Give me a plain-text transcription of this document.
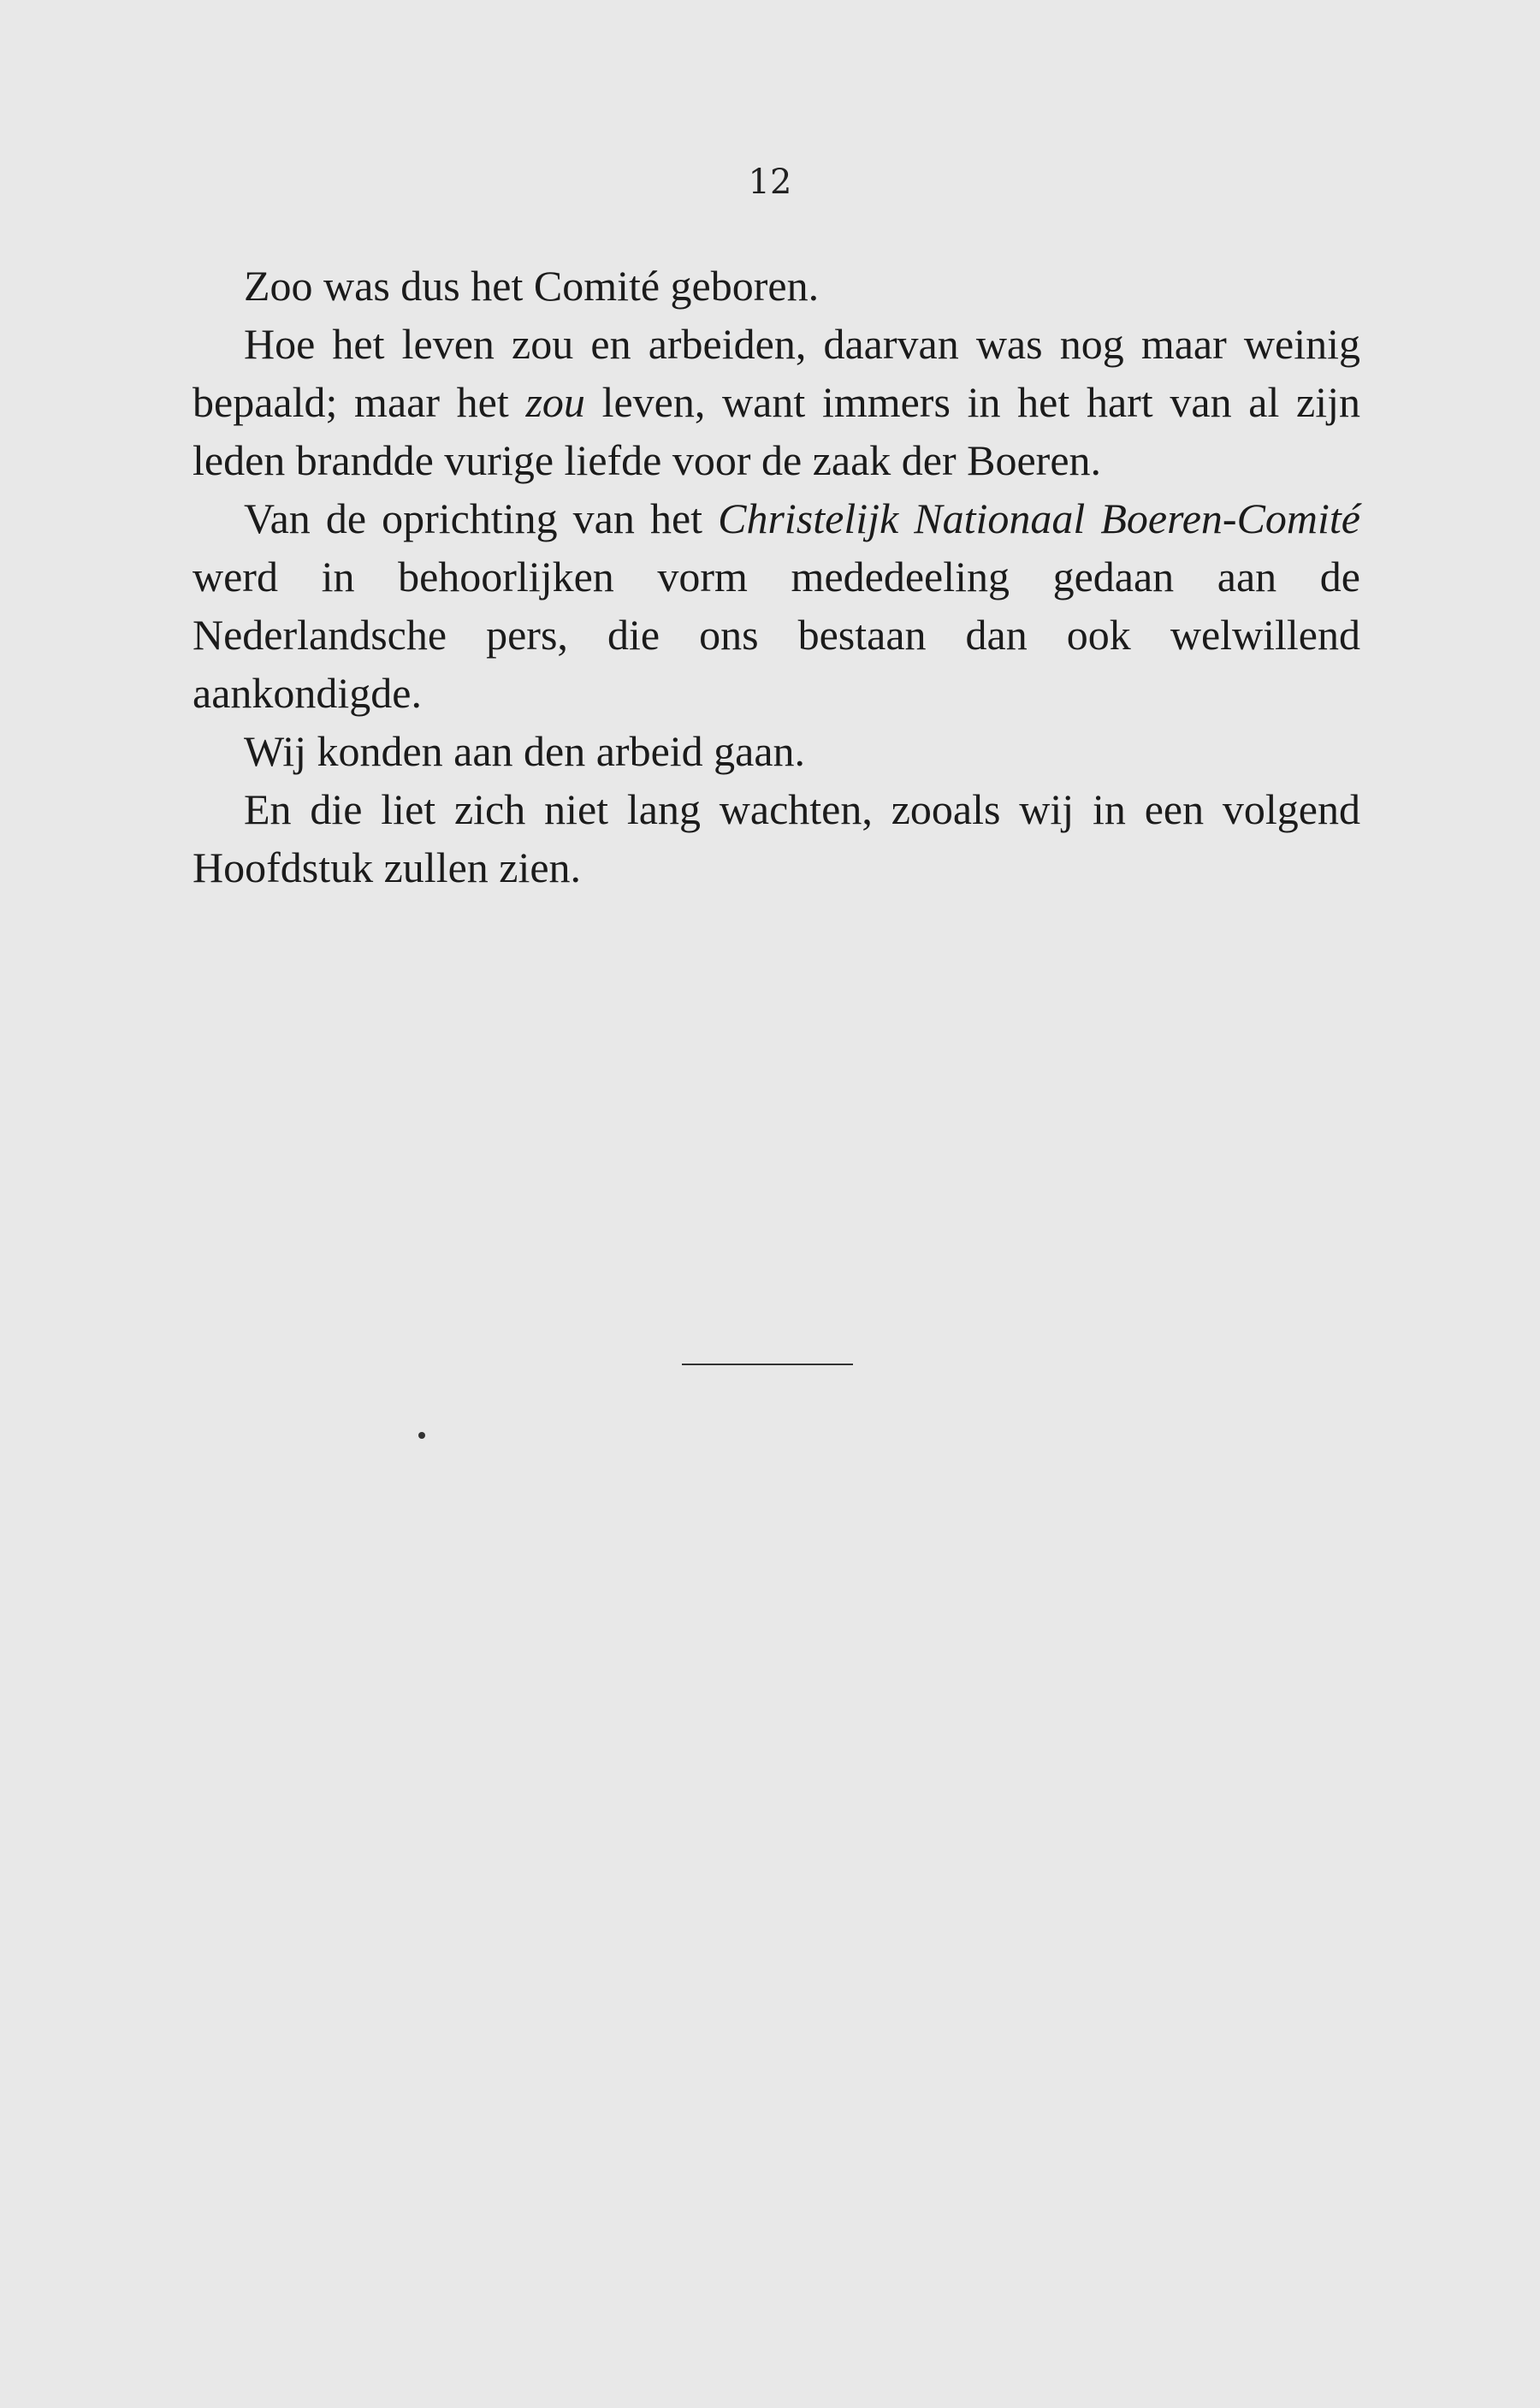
12

Zoo was dus het Comité geboren.

Hoe het leven zou en arbeiden, daarvan was nog maar weinig bepaald; maar het zou leven, want immers in het hart van al zijn leden brandde vurige liefde voor de zaak der Boeren.

Van de oprichting van het Christelijk Nationaal Boeren-Comité werd in behoorlijken vorm mededeeling gedaan aan de Nederlandsche pers, die ons bestaan dan ook welwillend aankondigde.

Wij konden aan den arbeid gaan.

En die liet zich niet lang wachten, zooals wij in een volgend Hoofdstuk zullen zien.
